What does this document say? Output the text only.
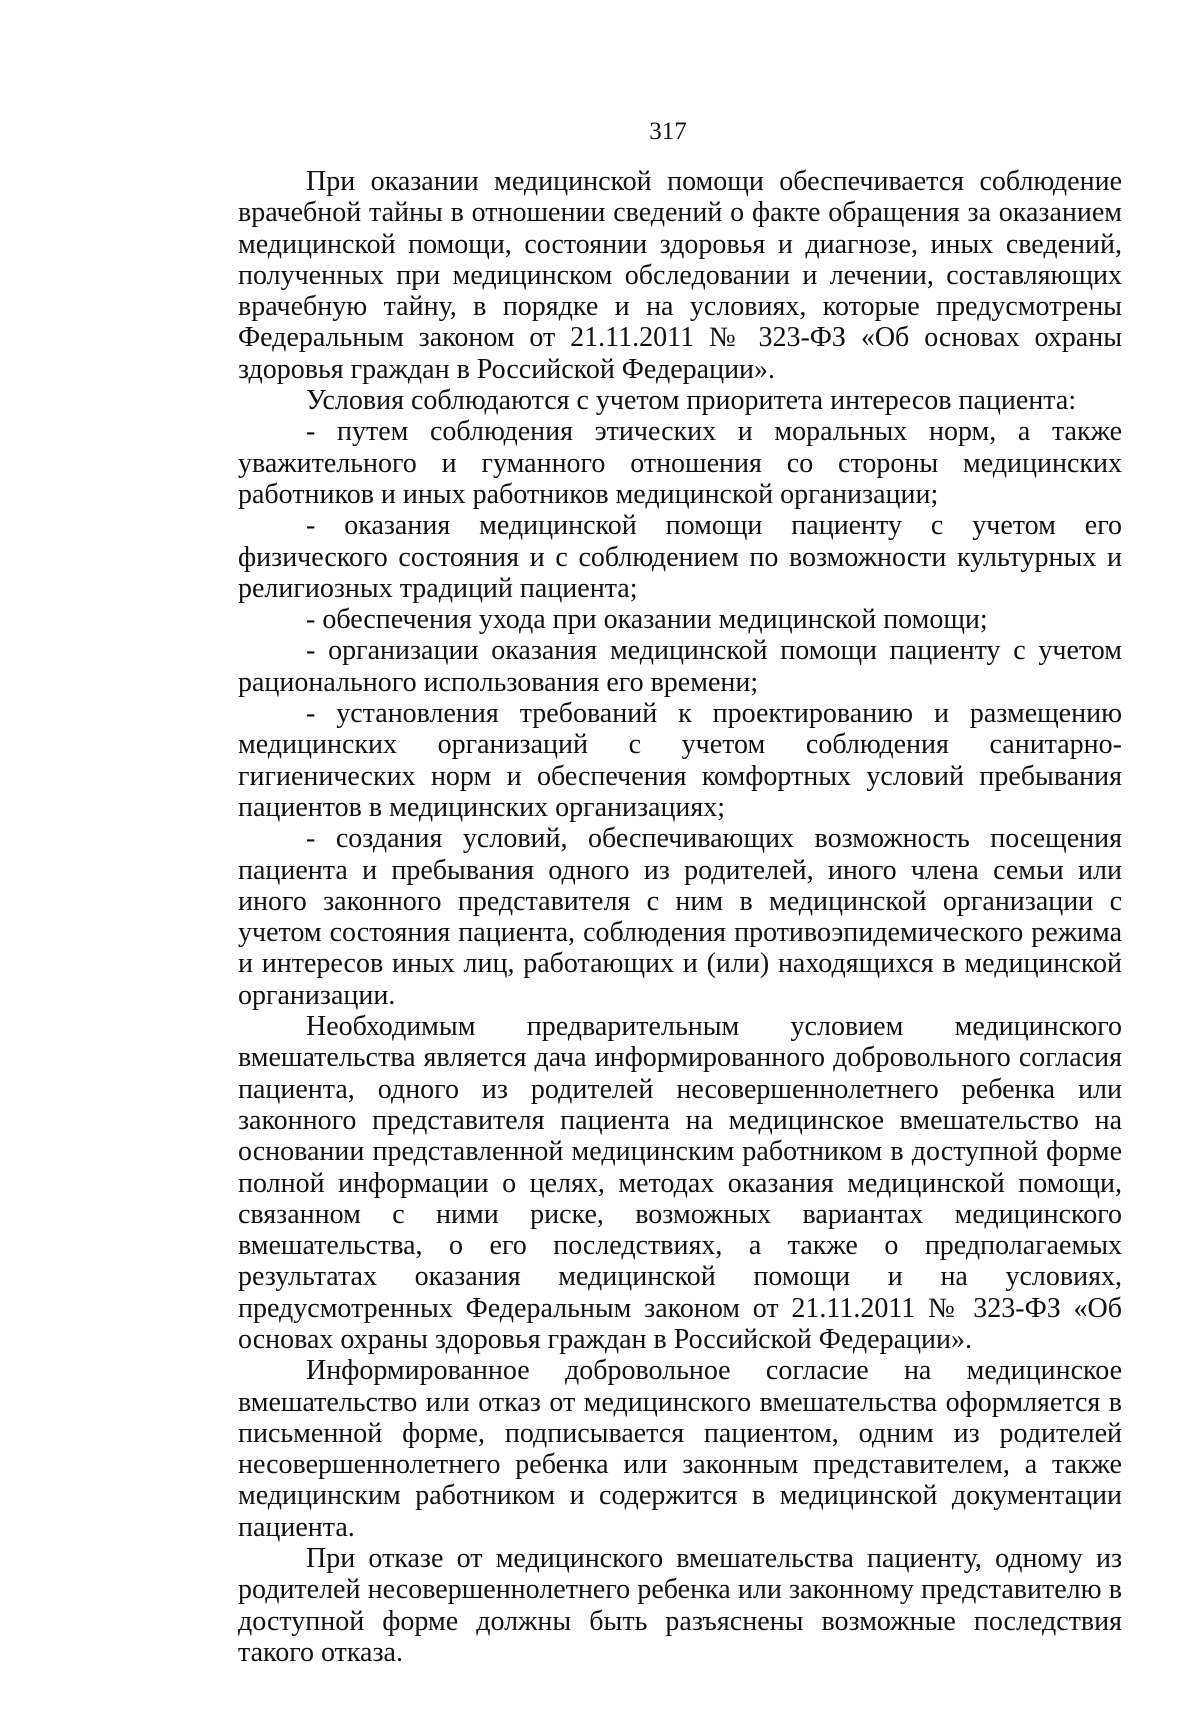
317

При оказании медицинской помощи обеспечивается соблюдение врачебной тайны в отношении сведений о факте обращения за оказанием медицинской помощи, состоянии здоровья и диагнозе, иных сведений, полученных при медицинском обследовании и лечении, составляющих врачебную тайну, в порядке и на условиях, которые предусмотрены Федеральным законом от 21.11.2011 № 323-ФЗ «Об основах охраны здоровья граждан в Российской Федерации».

Условия соблюдаются с учетом приоритета интересов пациента:

- путем соблюдения этических и моральных норм, а также уважительного и гуманного отношения со стороны медицинских работников и иных работников медицинской организации;

- оказания медицинской помощи пациенту с учетом его физического состояния и с соблюдением по возможности культурных и религиозных традиций пациента;

- обеспечения ухода при оказании медицинской помощи;

- организации оказания медицинской помощи пациенту с учетом рационального использования его времени;

- установления требований к проектированию и размещению медицинских организаций с учетом соблюдения санитарно-гигиенических норм и обеспечения комфортных условий пребывания пациентов в медицинских организациях;

- создания условий, обеспечивающих возможность посещения пациента и пребывания одного из родителей, иного члена семьи или иного законного представителя с ним в медицинской организации с учетом состояния пациента, соблюдения противоэпидемического режима и интересов иных лиц, работающих и (или) находящихся в медицинской организации.

Необходимым предварительным условием медицинского вмешательства является дача информированного добровольного согласия пациента, одного из родителей несовершеннолетнего ребенка или законного представителя пациента на медицинское вмешательство на основании представленной медицинским работником в доступной форме полной информации о целях, методах оказания медицинской помощи, связанном с ними риске, возможных вариантах медицинского вмешательства, о его последствиях, а также о предполагаемых результатах оказания медицинской помощи и на условиях, предусмотренных Федеральным законом от 21.11.2011 № 323-ФЗ «Об основах охраны здоровья граждан в Российской Федерации».

Информированное добровольное согласие на медицинское вмешательство или отказ от медицинского вмешательства оформляется в письменной форме, подписывается пациентом, одним из родителей несовершеннолетнего ребенка или законным представителем, а также медицинским работником и содержится в медицинской документации пациента.

При отказе от медицинского вмешательства пациенту, одному из родителей несовершеннолетнего ребенка или законному представителю в доступной форме должны быть разъяснены возможные последствия такого отказа.
